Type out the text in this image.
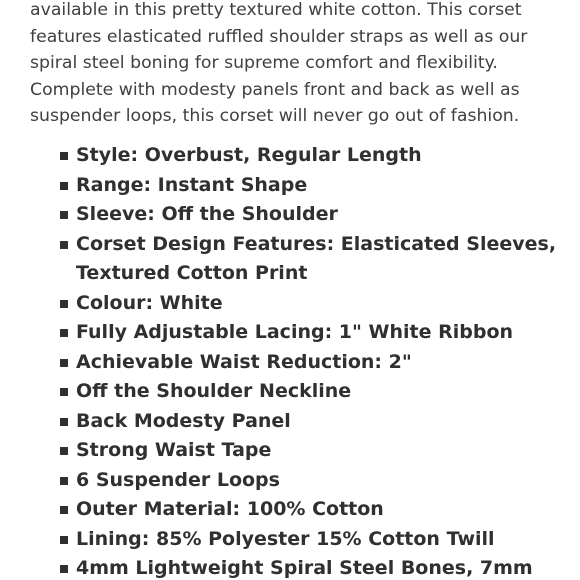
available in this pretty textured white cotton. This corset features elasticated ruffled shoulder straps as well as our spiral steel boning for supreme comfort and flexibility. Complete with modesty panels front and back as well as suspender loops, this corset will never go out of fashion.

Style: Overbust, Regular Length
Range: Instant Shape
Sleeve: Off the Shoulder
Corset Design Features: Elasticated Sleeves, Textured Cotton Print
Colour: White
Fully Adjustable Lacing: 1" White Ribbon
Achievable Waist Reduction: 2"
Off the Shoulder Neckline
Back Modesty Panel
Strong Waist Tape
6 Suspender Loops
Outer Material: 100% Cotton
Lining: 85% Polyester 15% Cotton Twill
4mm Lightweight Spiral Steel Bones, 7mm
